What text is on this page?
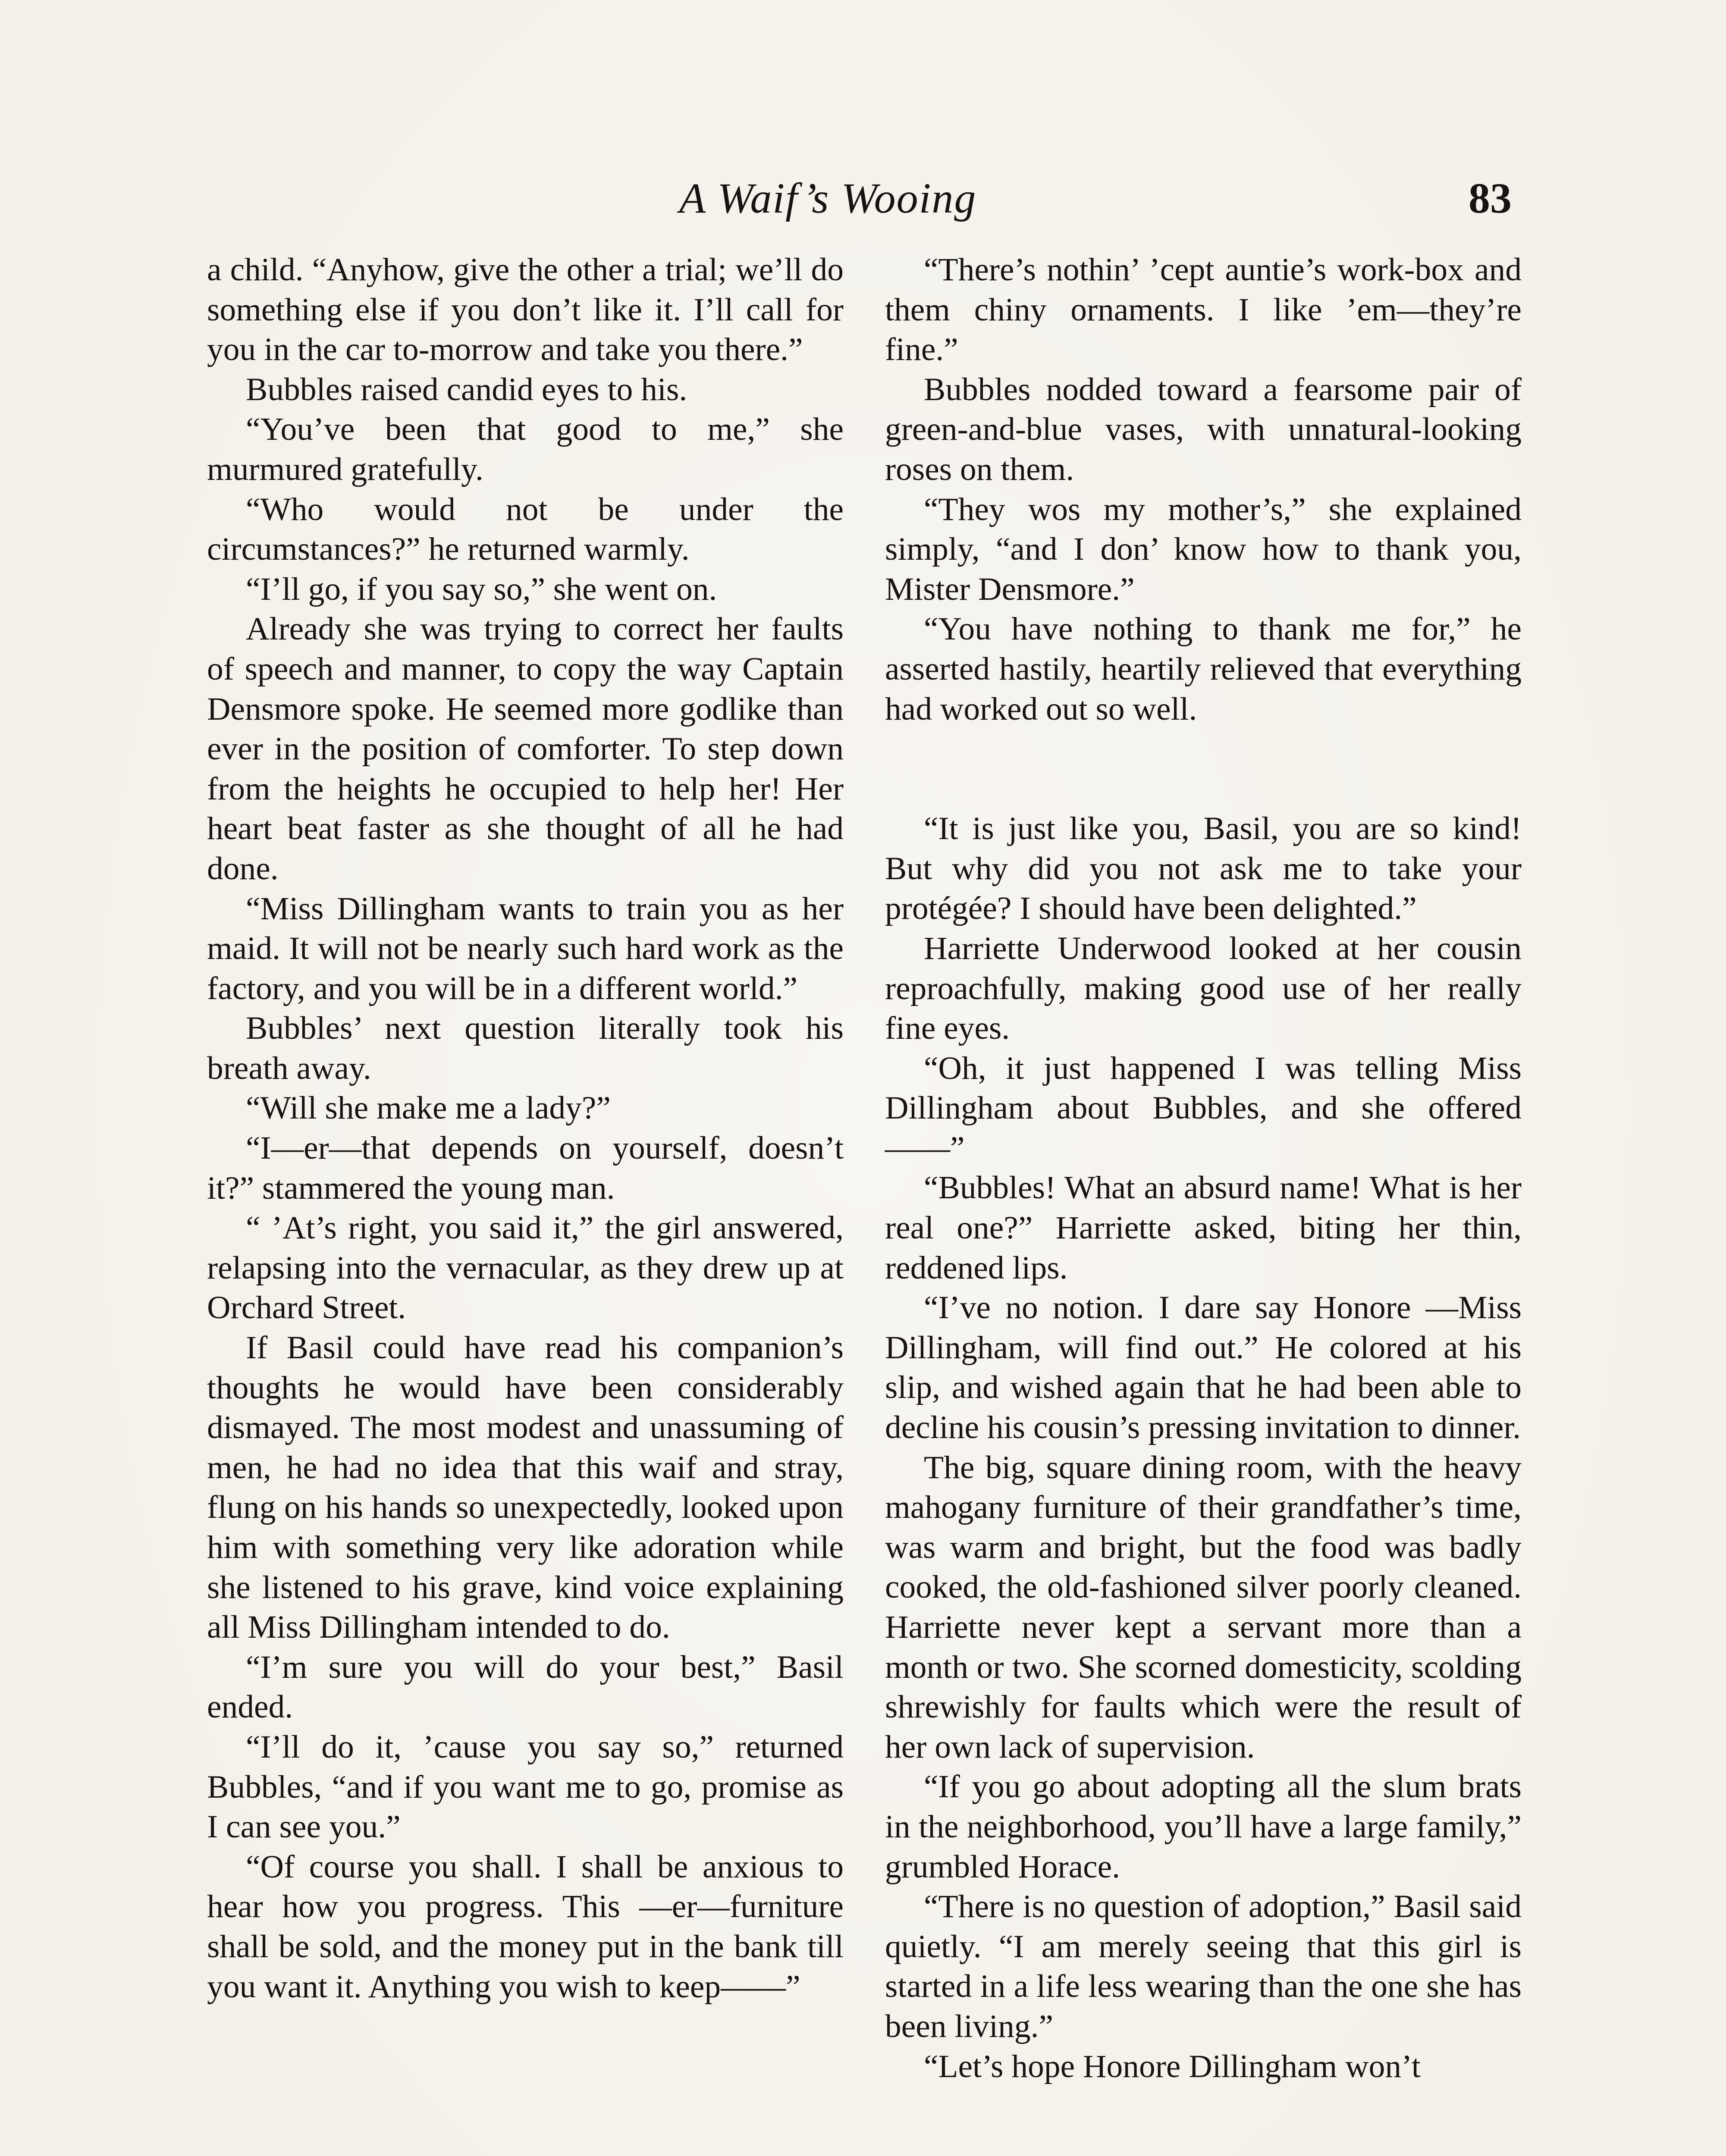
A Waif’s Wooing	83

a child. “Anyhow, give the other a trial; we’ll do something else if you don’t like it. I’ll call for you in the car to-morrow and take you there.”

Bubbles raised candid eyes to his.

“You’ve been that good to me,” she murmured gratefully.

“Who would not be under the circumstances?” he returned warmly.

“I’ll go, if you say so,” she went on.

Already she was trying to correct her faults of speech and manner, to copy the way Captain Densmore spoke. He seemed more godlike than ever in the position of comforter. To step down from the heights he occupied to help her! Her heart beat faster as she thought of all he had done.

“Miss Dillingham wants to train you as her maid. It will not be nearly such hard work as the factory, and you will be in a different world.”

Bubbles’ next question literally took his breath away.

“Will she make me a lady?”

“I—er—that depends on yourself, doesn’t it?” stammered the young man.

“ ’At’s right, you said it,” the girl answered, relapsing into the vernacular, as they drew up at Orchard Street.

If Basil could have read his companion’s thoughts he would have been considerably dismayed. The most modest and unassuming of men, he had no idea that this waif and stray, flung on his hands so unexpectedly, looked upon him with something very like adoration while she listened to his grave, kind voice explaining all Miss Dillingham intended to do.

“I’m sure you will do your best,” Basil ended.

“I’ll do it, ’cause you say so,” returned Bubbles, “and if you want me to go, promise as I can see you.”

“Of course you shall. I shall be anxious to hear how you progress. This —er—furniture shall be sold, and the money put in the bank till you want it. Anything you wish to keep——”

“There’s nothin’ ’cept auntie’s work-box and them chiny ornaments. I like ’em—they’re fine.”

Bubbles nodded toward a fearsome pair of green-and-blue vases, with unnatural-looking roses on them.

“They wos my mother’s,” she explained simply, “and I don’ know how to thank you, Mister Densmore.”

“You have nothing to thank me for,” he asserted hastily, heartily relieved that everything had worked out so well.

“It is just like you, Basil, you are so kind! But why did you not ask me to take your protégée? I should have been delighted.”

Harriette Underwood looked at her cousin reproachfully, making good use of her really fine eyes.

“Oh, it just happened I was telling Miss Dillingham about Bubbles, and she offered——”

“Bubbles! What an absurd name! What is her real one?” Harriette asked, biting her thin, reddened lips.

“I’ve no notion. I dare say Honore —Miss Dillingham, will find out.” He colored at his slip, and wished again that he had been able to decline his cousin’s pressing invitation to dinner.

The big, square dining room, with the heavy mahogany furniture of their grandfather’s time, was warm and bright, but the food was badly cooked, the old-fashioned silver poorly cleaned. Harriette never kept a servant more than a month or two. She scorned domesticity, scolding shrewishly for faults which were the result of her own lack of supervision.

“If you go about adopting all the slum brats in the neighborhood, you’ll have a large family,” grumbled Horace.

“There is no question of adoption,” Basil said quietly. “I am merely seeing that this girl is started in a life less wearing than the one she has been living.”

“Let’s hope Honore Dillingham won’t
